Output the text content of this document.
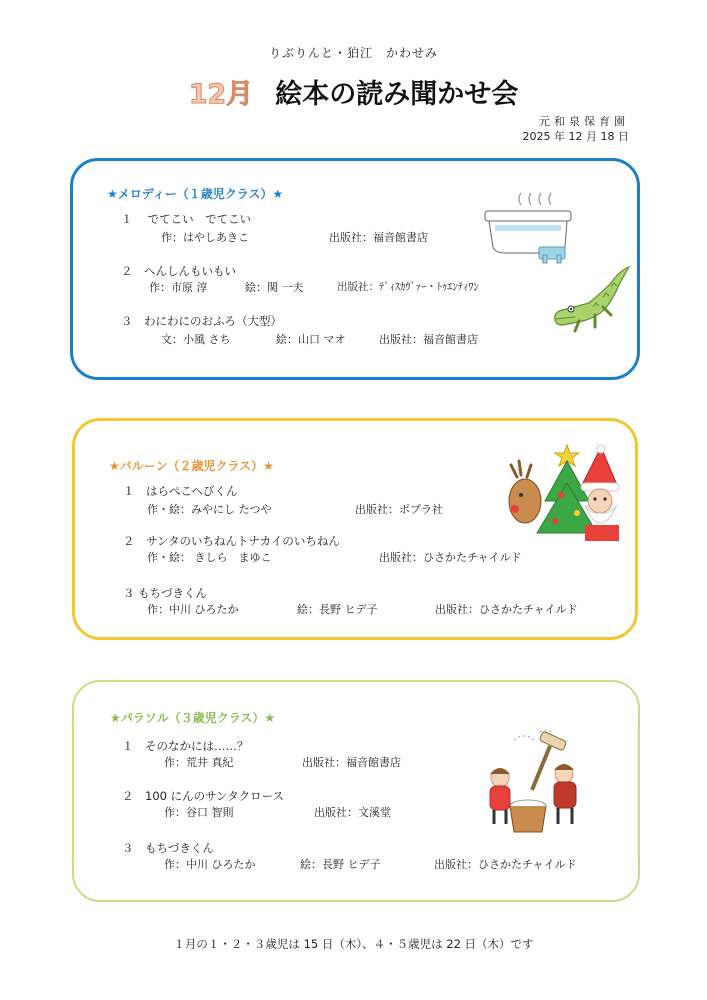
りぶりんと・狛江　かわせみ
12月 絵本の読み聞かせ会
元和泉保育園
2025 年 12 月 18 日
★メロディー（１歳児クラス）★
１　 でてこい　でてこい
作：はやしあきこ	出版社：福音館書店
２　へんしんもいもい
作：市原 淳	絵：関 一夫	出版社：ﾃﾞｨｽｶｳﾞｧｰ・ﾄｩｴﾝﾃｨﾜﾝ
３　わにわにのおふろ（大型）
文：小風 さち	絵：山口 マオ	出版社：福音館書店
★バルーン（２歳児クラス）★
１　はらぺこへびくん
作・絵：みやにし たつや	出版社：ポプラ社
２　サンタのいちねんトナカイのいちねん
作・絵： きしら　まゆこ	出版社：ひさかたチャイルド
３ もちづきくん
作：中川 ひろたか	絵：長野 ヒデ子	出版社：ひさかたチャイルド
★パラソル（３歳児クラス）★
１　そのなかには……？
作：荒井 真紀	出版社：福音館書店
２　100 にんのサンタクロース
作：谷口 智則	出版社：文溪堂
３　もちづきくん
作：中川 ひろたか	絵：長野 ヒデ子	出版社：ひさかたチャイルド
１月の１・２・３歳児は 15 日（木）、４・５歳児は 22 日（木）です
